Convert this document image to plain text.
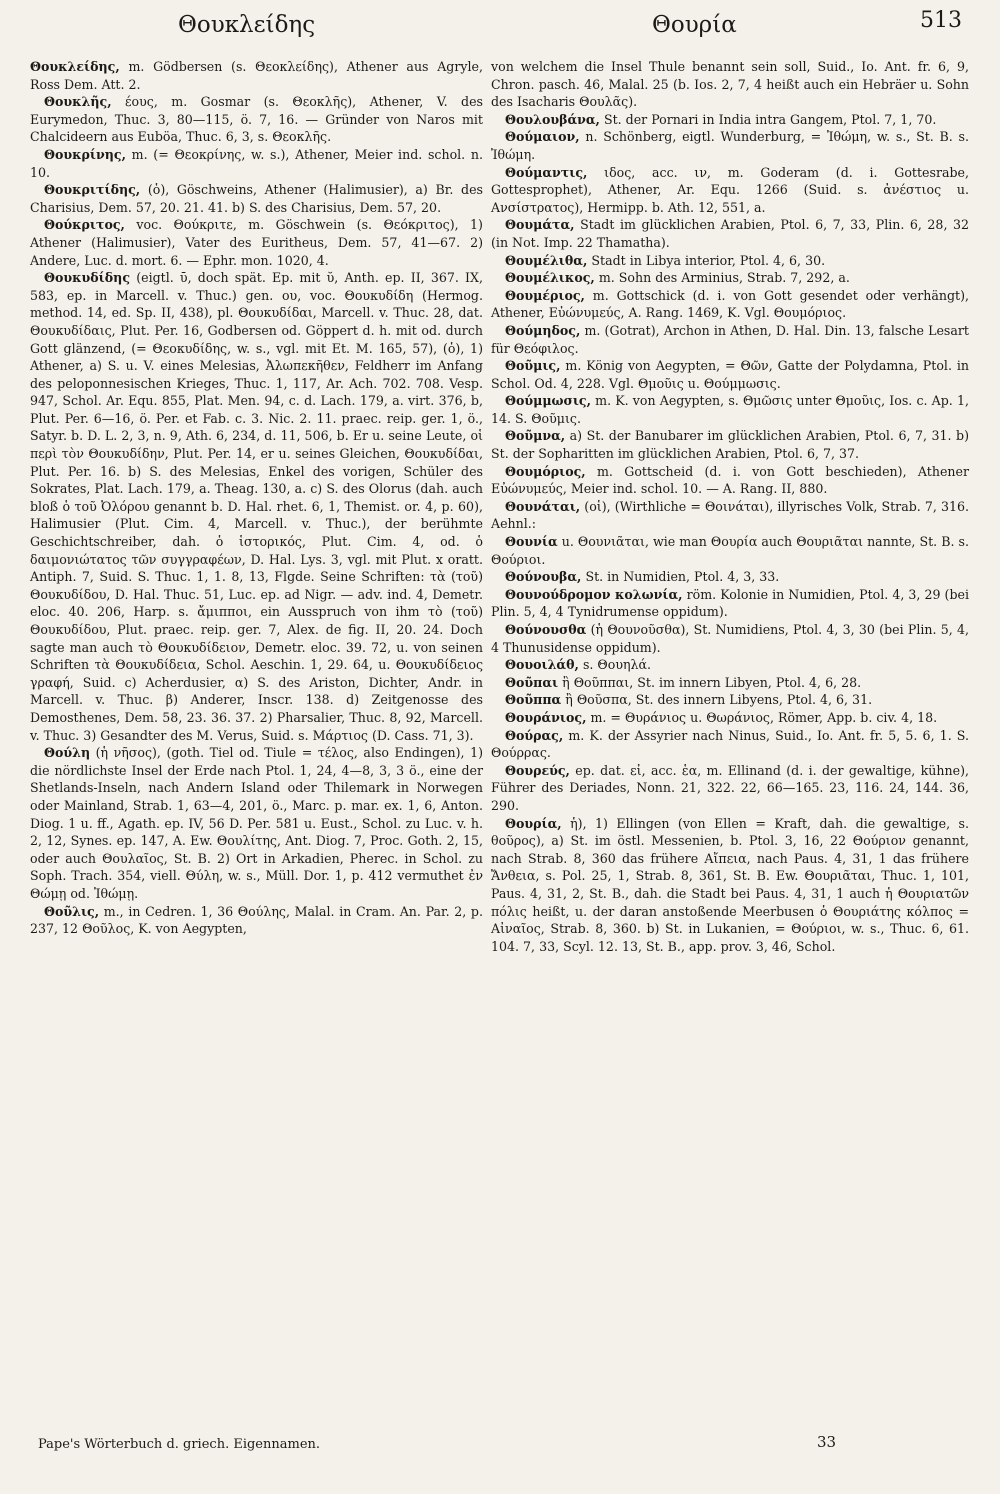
Θουκλείδης	Θουρία	513

Θουκλείδης, m. Gödbersen (s. Θεοκλείδης), Athener aus Agryle, Ross Dem. Att. 2.

Θουκλῆς, έους, m. Gosmar (s. Θεοκλῆς), Athener, V. des Eurymedon, Thuc. 3, 80—115, ö. 7, 16. — Gründer von Naros mit Chalcideern aus Euböa, Thuc. 6, 3, s. Θεοκλῆς.

Θουκρίνης, m. (= Θεοκρίνης, w. s.), Athener, Meier ind. schol. n. 10.

Θουκριτίδης, (ὁ), Göschweins, Athener (Halimusier), a) Br. des Charisius, Dem. 57, 20. 21. 41. b) S. des Charisius, Dem. 57, 20.

Θούκριτος, voc. Θούκριτε, m. Göschwein (s. Θεόκριτος), 1) Athener (Halimusier), Vater des Euritheus, Dem. 57, 41—67. 2) Andere, Luc. d. mort. 6. — Ephr. mon. 1020, 4.

Θουκυδίδης (eigtl. ῡ, doch spät. Ep. mit ῠ, Anth. ep. II, 367. IX, 583, ep. in Marcell. v. Thuc.) gen. ου, voc. Θουκυδίδη (Hermog. method. 14, ed. Sp. II, 438), pl. Θουκυδίδαι, Marcell. v. Thuc. 28, dat. Θουκυδίδαις, Plut. Per. 16, Godbersen od. Göppert d. h. mit od. durch Gott glänzend, (= Θεοκυδίδης, w. s., vgl. mit Et. M. 165, 57), (ὁ), 1) Athener, a) S. u. V. eines Melesias, Ἀλωπεκῆθεν, Feldherr im Anfang des peloponnesischen Krieges, Thuc. 1, 117, Ar. Ach. 702. 708. Vesp. 947, Schol. Ar. Equ. 855, Plat. Men. 94, c. d. Lach. 179, a. virt. 376, b, Plut. Per. 6—16, ö. Per. et Fab. c. 3. Nic. 2. 11. praec. reip. ger. 1, ö., Satyr. b. D. L. 2, 3, n. 9, Ath. 6, 234, d. 11, 506, b. Er u. seine Leute, οἱ περὶ τὸν Θουκυδίδην, Plut. Per. 14, er u. seines Gleichen, Θουκυδίδαι, Plut. Per. 16. b) S. des Melesias, Enkel des vorigen, Schüler des Sokrates, Plat. Lach. 179, a. Theag. 130, a. c) S. des Olorus (dah. auch bloß ὁ τοῦ Ὀλόρου genannt b. D. Hal. rhet. 6, 1, Themist. or. 4, p. 60), Halimusier (Plut. Cim. 4, Marcell. v. Thuc.), der berühmte Geschichtschreiber, dah. ὁ ἱστορικός, Plut. Cim. 4, od. ὁ δαιμονιώτατος τῶν συγγραφέων, D. Hal. Lys. 3, vgl. mit Plut. x oratt. Antiph. 7, Suid. S. Thuc. 1, 1. 8, 13, Flgde. Seine Schriften: τὰ (τοῦ) Θουκυδίδου, D. Hal. Thuc. 51, Luc. ep. ad Nigr. — adv. ind. 4, Demetr. eloc. 40. 206, Harp. s. ἄμιπποι, ein Ausspruch von ihm τὸ (τοῦ) Θουκυδίδου, Plut. praec. reip. ger. 7, Alex. de fig. II, 20. 24. Doch sagte man auch τὸ Θουκυδίδειον, Demetr. eloc. 39. 72, u. von seinen Schriften τὰ Θουκυδίδεια, Schol. Aeschin. 1, 29. 64, u. Θουκυδίδειος γραφή, Suid. c) Acherdusier, α) S. des Ariston, Dichter, Andr. in Marcell. v. Thuc. β) Anderer, Inscr. 138. d) Zeitgenosse des Demosthenes, Dem. 58, 23. 36. 37. 2) Pharsalier, Thuc. 8, 92, Marcell. v. Thuc. 3) Gesandter des M. Verus, Suid. s. Μάρτιος (D. Cass. 71, 3).

Θούλη (ἡ νῆσος), (goth. Tiel od. Tiule = τέλος, also Endingen), 1) die nördlichste Insel der Erde nach Ptol. 1, 24, 4—8, 3, 3 ö., eine der Shetlands-Inseln, nach Andern Island oder Thilemark in Norwegen oder Mainland, Strab. 1, 63—4, 201, ö., Marc. p. mar. ex. 1, 6, Anton. Diog. 1 u. ff., Agath. ep. IV, 56 D. Per. 581 u. Eust., Schol. zu Luc. v. h. 2, 12, Synes. ep. 147, A. Ew. Θουλίτης, Ant. Diog. 7, Proc. Goth. 2, 15, oder auch Θουλαῖος, St. B. 2) Ort in Arkadien, Pherec. in Schol. zu Soph. Trach. 354, viell. Θύλη, w. s., Müll. Dor. 1, p. 412 vermuthet ἐν Θώμῃ od. Ἰθώμῃ.

Θοῦλις, m., in Cedren. 1, 36 Θούλης, Malal. in Cram. An. Par. 2, p. 237, 12 Θοῦλος, K. von Aegypten,

von welchem die Insel Thule benannt sein soll, Suid., Io. Ant. fr. 6, 9, Chron. pasch. 46, Malal. 25 (b. Ios. 2, 7, 4 heißt auch ein Hebräer u. Sohn des Isacharis Θουλᾶς).

Θουλουβάνα, St. der Pornari in India intra Gangem, Ptol. 7, 1, 70.

Θούμαιον, n. Schönberg, eigtl. Wunderburg, = Ἰθώμη, w. s., St. B. s. Ἰθώμη.

Θούμαντις, ιδος, acc. ιν, m. Goderam (d. i. Gottesrabe, Gottesprophet), Athener, Ar. Equ. 1266 (Suid. s. ἀνέστιος u. Ανσίστρατος), Hermipp. b. Ath. 12, 551, a.

Θουμάτα, Stadt im glücklichen Arabien, Ptol. 6, 7, 33, Plin. 6, 28, 32 (in Not. Imp. 22 Thamatha).

Θουμέλιθα, Stadt in Libya interior, Ptol. 4, 6, 30.

Θουμέλικος, m. Sohn des Arminius, Strab. 7, 292, a.

Θουμέριος, m. Gottschick (d. i. von Gott gesendet oder verhängt), Athener, Εὐώνυμεύς, A. Rang. 1469, K. Vgl. Θουμόριος.

Θούμηδος, m. (Gotrat), Archon in Athen, D. Hal. Din. 13, falsche Lesart für Θεόφιλος.

Θοῦμις, m. König von Aegypten, = Θῶν, Gatte der Polydamna, Ptol. in Schol. Od. 4, 228. Vgl. Θμοῦις u. Θούμμωσις.

Θούμμωσις, m. K. von Aegypten, s. Θμῶσις unter Θμοῦις, Ios. c. Ap. 1, 14. S. Θοῦμις.

Θοῦμνα, a) St. der Banubarer im glücklichen Arabien, Ptol. 6, 7, 31. b) St. der Sopharitten im glücklichen Arabien, Ptol. 6, 7, 37.

Θουμόριος, m. Gottscheid (d. i. von Gott beschieden), Athener Εὐώνυμεύς, Meier ind. schol. 10. — A. Rang. II, 880.

Θουνάται, (οἱ), (Wirthliche = Θοινάται), illyrisches Volk, Strab. 7, 316. Aehnl.:

Θουνία u. Θουνιᾶται, wie man Θουρία auch Θουριᾶται nannte, St. B. s. Θούριοι.

Θούνουβα, St. in Numidien, Ptol. 4, 3, 33.

Θουνούδρομον κολωνία, röm. Kolonie in Numidien, Ptol. 4, 3, 29 (bei Plin. 5, 4, 4 Tynidrumense oppidum).

Θούνουσθα (ἡ Θουνοῦσθα), St. Numidiens, Ptol. 4, 3, 30 (bei Plin. 5, 4, 4 Thunusidense oppidum).

Θουοιλάθ, s. Θουηλά.

Θοῦπαι ἢ Θοῦππαι, St. im innern Libyen, Ptol. 4, 6, 28.

Θοῦππα ἢ Θοῦσπα, St. des innern Libyens, Ptol. 4, 6, 31.

Θουράνιος, m. = Θυράνιος u. Θωράνιος, Römer, App. b. civ. 4, 18.

Θούρας, m. K. der Assyrier nach Ninus, Suid., Io. Ant. fr. 5, 5. 6, 1. S. Θούρρας.

Θουρεύς, ep. dat. εἰ, acc. ἑα, m. Ellinand (d. i. der gewaltige, kühne), Führer des Deriades, Nonn. 21, 322. 22, 66—165. 23, 116. 24, 144. 36, 290.

Θουρία, ἡ), 1) Ellingen (von Ellen = Kraft, dah. die gewaltige, s. θοῦρος), a) St. im östl. Messenien, b. Ptol. 3, 16, 22 Θούριον genannt, nach Strab. 8, 360 das frühere Αἴπεια, nach Paus. 4, 31, 1 das frühere Ἄνθεια, s. Pol. 25, 1, Strab. 8, 361, St. B. Ew. Θουριᾶται, Thuc. 1, 101, Paus. 4, 31, 2, St. B., dah. die Stadt bei Paus. 4, 31, 1 auch ἡ Θουριατῶν πόλις heißt, u. der daran anstoßende Meerbusen ὁ Θουριάτης κόλπος = Αἰναῖος, Strab. 8, 360. b) St. in Lukanien, = Θούριοι, w. s., Thuc. 6, 61. 104. 7, 33, Scyl. 12. 13, St. B., app. prov. 3, 46, Schol.

Pape's Wörterbuch d. griech. Eigennamen.	33
